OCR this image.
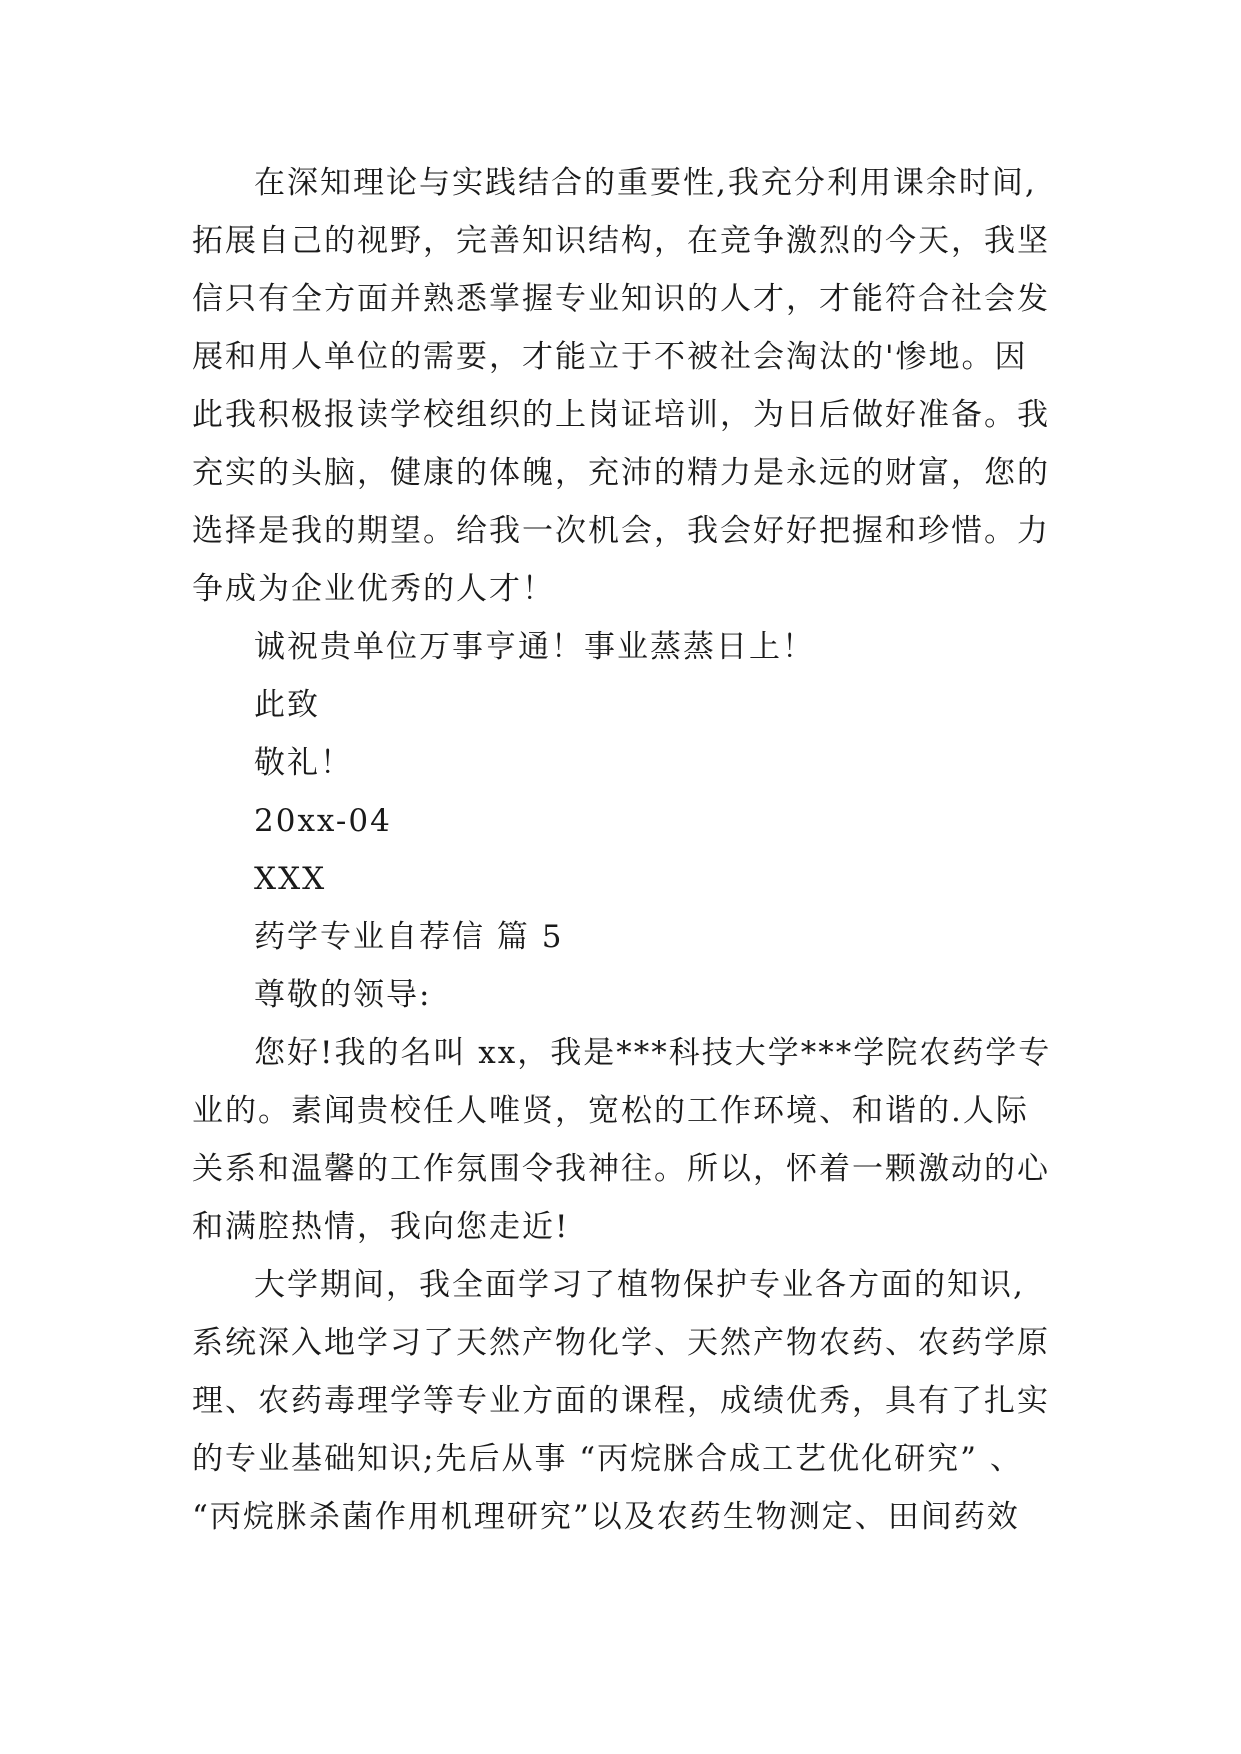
在深知理论与实践结合的重要性,我充分利用课余时间,
拓展自己的视野，完善知识结构，在竞争激烈的今天，我坚
信只有全方面并熟悉掌握专业知识的人才，才能符合社会发
展和用人单位的需要，才能立于不被社会淘汰的'惨地。因
此我积极报读学校组织的上岗证培训，为日后做好准备。我
充实的头脑，健康的体魄，充沛的精力是永远的财富，您的
选择是我的期望。给我一次机会，我会好好把握和珍惜。力
争成为企业优秀的人才！
诚祝贵单位万事亨通！事业蒸蒸日上！
此致
敬礼！
20xx-04
XXX
药学专业自荐信 篇 5
尊敬的领导:
您好!我的名叫 xx，我是***科技大学***学院农药学专
业的。素闻贵校任人唯贤，宽松的工作环境、和谐的.人际
关系和温馨的工作氛围令我神往。所以，怀着一颗激动的心
和满腔热情，我向您走近!
大学期间，我全面学习了植物保护专业各方面的知识,
系统深入地学习了天然产物化学、天然产物农药、农药学原
理、农药毒理学等专业方面的课程，成绩优秀，具有了扎实
的专业基础知识;先后从事 “丙烷脒合成工艺优化研究” 、
“丙烷脒杀菌作用机理研究”以及农药生物测定、田间药效
